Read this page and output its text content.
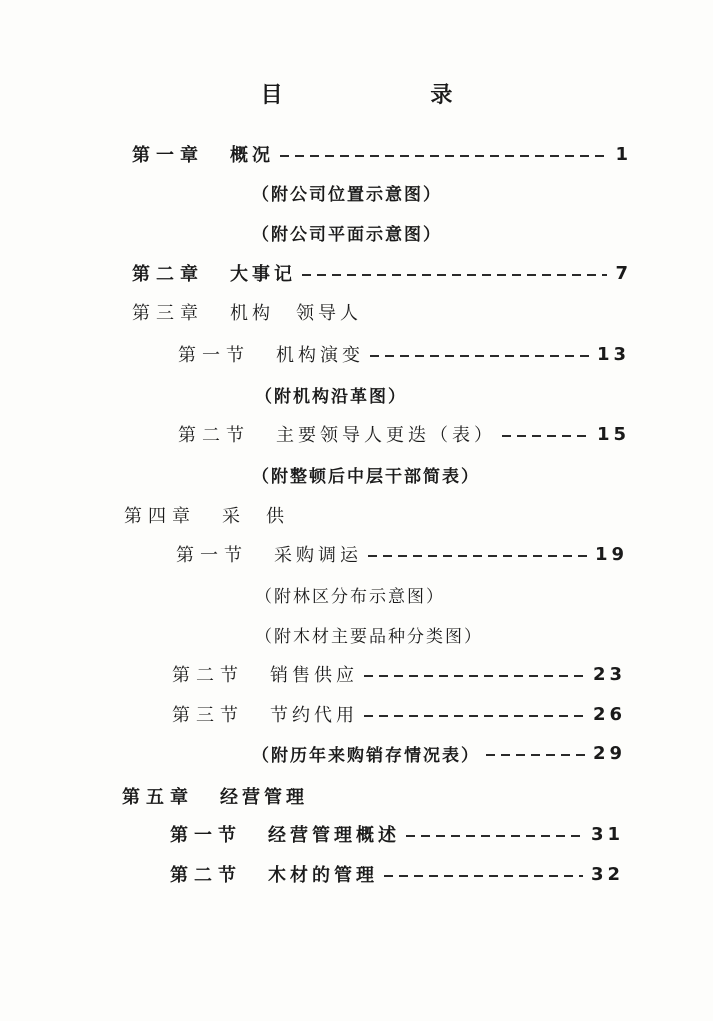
目 录
第一章 概况	1
（附公司位置示意图）
（附公司平面示意图）
第二章 大事记	7
第三章 机构　领导人
第一节 机构演变	13
（附机构沿革图）
第二节 主要领导人更迭（表）	15
（附整顿后中层干部简表）
第四章 采　供
第一节 采购调运	19
（附林区分布示意图）
（附木材主要品种分类图）
第二节 销售供应	23
第三节 节约代用	26
（附历年来购销存情况表）	29
第五章 经营管理
第一节 经营管理概述	31
第二节 木材的管理	32
